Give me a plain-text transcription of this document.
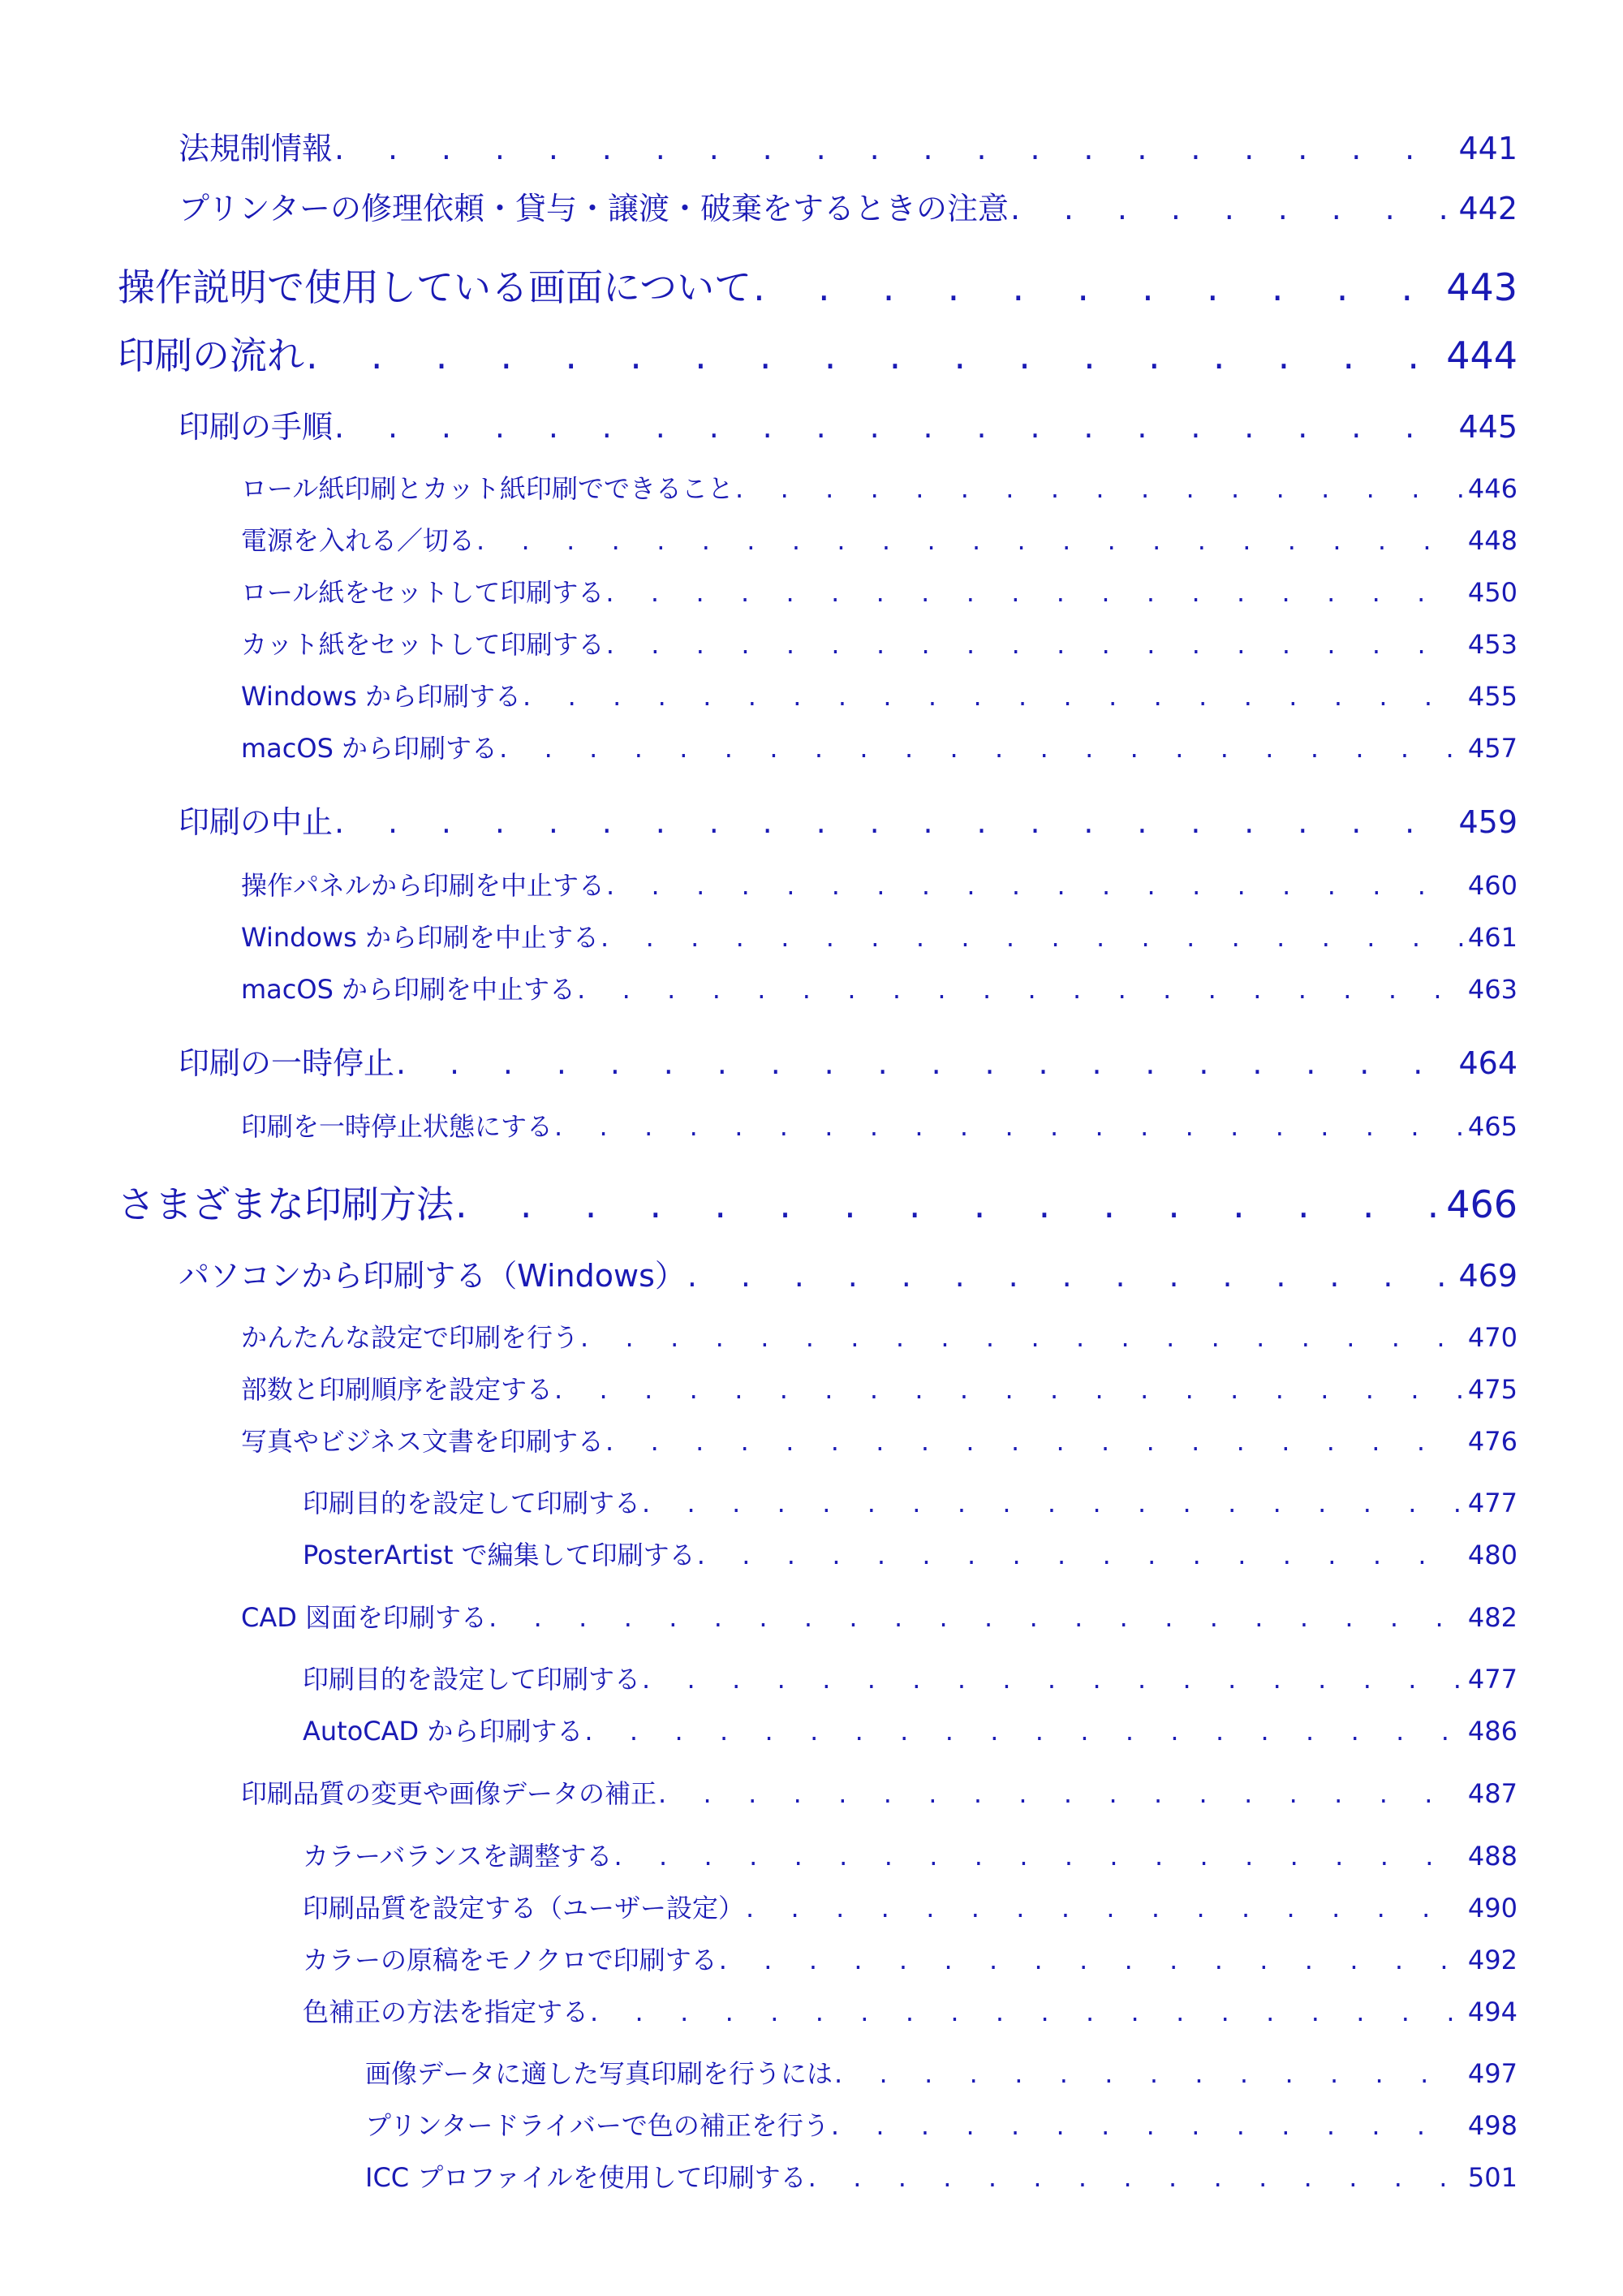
法規制情報 . . .	441
プリンターの修理依頼・貸与・譲渡・破棄をするときの注意 . . .	442
操作説明で使用している画面について . . .	443
印刷の流れ . . .	444
印刷の手順 . . .	445
ロール紙印刷とカット紙印刷でできること . . .	446
電源を入れる／切る . . .	448
ロール紙をセットして印刷する . . .	450
カット紙をセットして印刷する . . .	453
Windows から印刷する . . .	455
macOS から印刷する . . .	457
印刷の中止 . . .	459
操作パネルから印刷を中止する . . .	460
Windows から印刷を中止する . . .	461
macOS から印刷を中止する . . .	463
印刷の一時停止 . . .	464
印刷を一時停止状態にする . . .	465
さまざまな印刷方法 . . .	466
パソコンから印刷する（Windows） . . .	469
かんたんな設定で印刷を行う . . .	470
部数と印刷順序を設定する . . .	475
写真やビジネス文書を印刷する . . .	476
印刷目的を設定して印刷する . . .	477
PosterArtist で編集して印刷する . . .	480
CAD 図面を印刷する . . .	482
印刷目的を設定して印刷する . . .	477
AutoCAD から印刷する . . .	486
印刷品質の変更や画像データの補正 . . .	487
カラーバランスを調整する . . .	488
印刷品質を設定する（ユーザー設定） . . .	490
カラーの原稿をモノクロで印刷する . . .	492
色補正の方法を指定する . . .	494
画像データに適した写真印刷を行うには . . .	497
プリンタードライバーで色の補正を行う . . .	498
ICC プロファイルを使用して印刷する . . .	501
